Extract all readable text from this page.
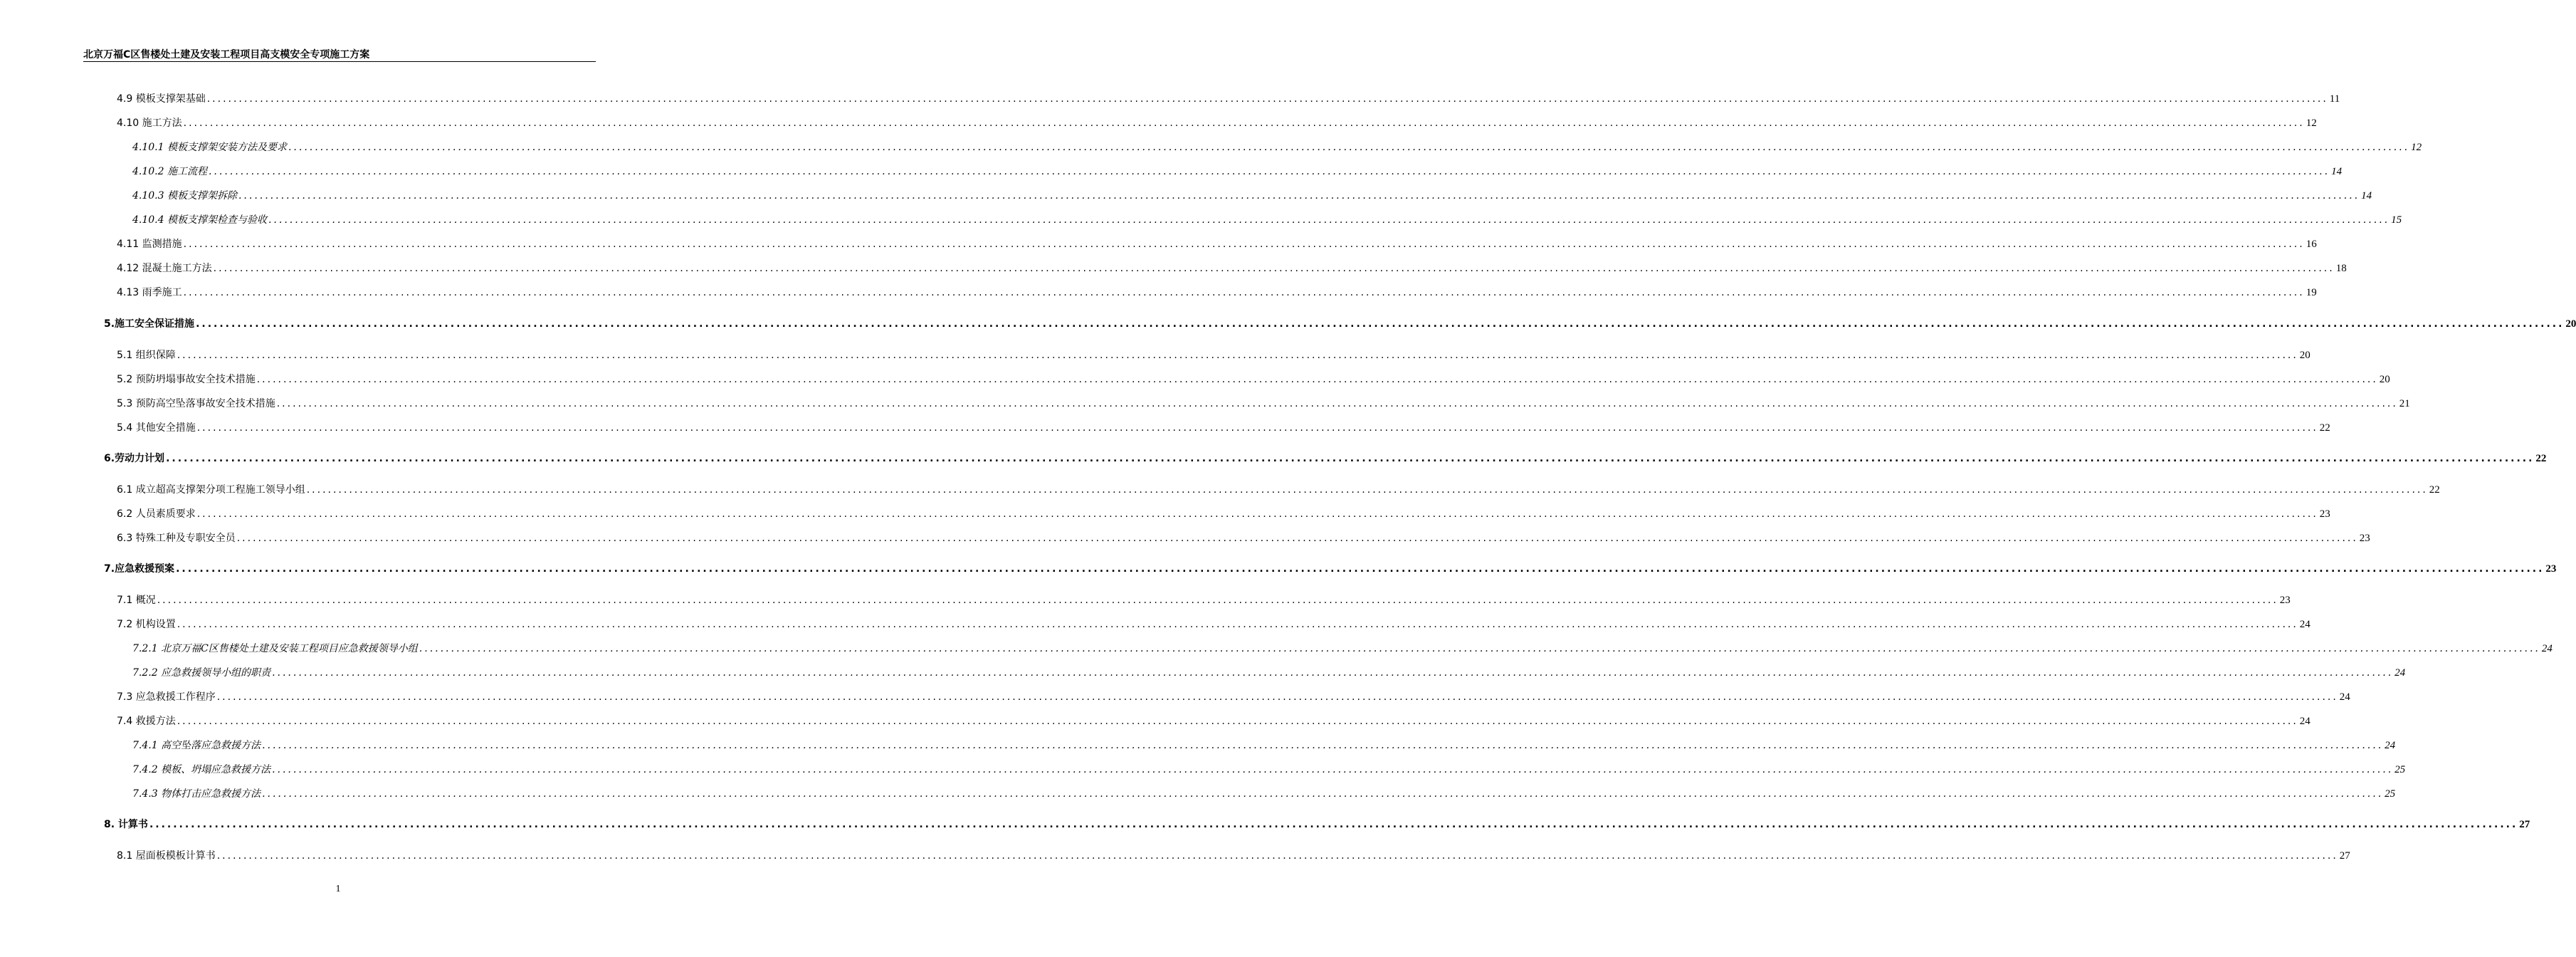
北京万福C区售楼处土建及安装工程项目高支模安全专项施工方案
4.9 模板支撑架基础 ................................................................................................................................................................................................................................................................................................................................................................................................................ 11
4.10 施工方法 ................................................................................................................................................................................................................................................................................................................................................................................................................ 12
4.10.1 模板支撑架安装方法及要求 ................................................................................................................................................................................................................................................................................................................................................................................................................ 12
4.10.2 施工流程 ................................................................................................................................................................................................................................................................................................................................................................................................................ 14
4.10.3 模板支撑架拆除 ................................................................................................................................................................................................................................................................................................................................................................................................................ 14
4.10.4 模板支撑架检查与验收 ................................................................................................................................................................................................................................................................................................................................................................................................................ 15
4.11 监测措施 ................................................................................................................................................................................................................................................................................................................................................................................................................ 16
4.12 混凝土施工方法 ................................................................................................................................................................................................................................................................................................................................................................................................................ 18
4.13 雨季施工 ................................................................................................................................................................................................................................................................................................................................................................................................................ 19
5.施工安全保证措施 ................................................................................................................................................................................................................................................................................................................................................................................................................ 20
5.1 组织保障 ................................................................................................................................................................................................................................................................................................................................................................................................................ 20
5.2 预防坍塌事故安全技术措施 ................................................................................................................................................................................................................................................................................................................................................................................................................ 20
5.3 预防高空坠落事故安全技术措施 ................................................................................................................................................................................................................................................................................................................................................................................................................ 21
5.4 其他安全措施 ................................................................................................................................................................................................................................................................................................................................................................................................................ 22
6.劳动力计划 ................................................................................................................................................................................................................................................................................................................................................................................................................ 22
6.1 成立超高支撑架分项工程施工领导小组 ................................................................................................................................................................................................................................................................................................................................................................................................................ 22
6.2 人员素质要求 ................................................................................................................................................................................................................................................................................................................................................................................................................ 23
6.3 特殊工种及专职安全员 ................................................................................................................................................................................................................................................................................................................................................................................................................ 23
7.应急救援预案 ................................................................................................................................................................................................................................................................................................................................................................................................................ 23
7.1 概况 ................................................................................................................................................................................................................................................................................................................................................................................................................ 23
7.2 机构设置 ................................................................................................................................................................................................................................................................................................................................................................................................................ 24
7.2.1 北京万福C区售楼处土建及安装工程项目应急救援领导小组 ................................................................................................................................................................................................................................................................................................................................................................................................................ 24
7.2.2 应急救援领导小组的职责 ................................................................................................................................................................................................................................................................................................................................................................................................................ 24
7.3 应急救援工作程序 ................................................................................................................................................................................................................................................................................................................................................................................................................ 24
7.4 救援方法 ................................................................................................................................................................................................................................................................................................................................................................................................................ 24
7.4.1 高空坠落应急救援方法 ................................................................................................................................................................................................................................................................................................................................................................................................................ 24
7.4.2 模板、坍塌应急救援方法 ................................................................................................................................................................................................................................................................................................................................................................................................................ 25
7.4.3 物体打击应急救援方法 ................................................................................................................................................................................................................................................................................................................................................................................................................ 25
8. 计算书 ................................................................................................................................................................................................................................................................................................................................................................................................................ 27
8.1 屋面板模板计算书 ................................................................................................................................................................................................................................................................................................................................................................................................................ 27
1
